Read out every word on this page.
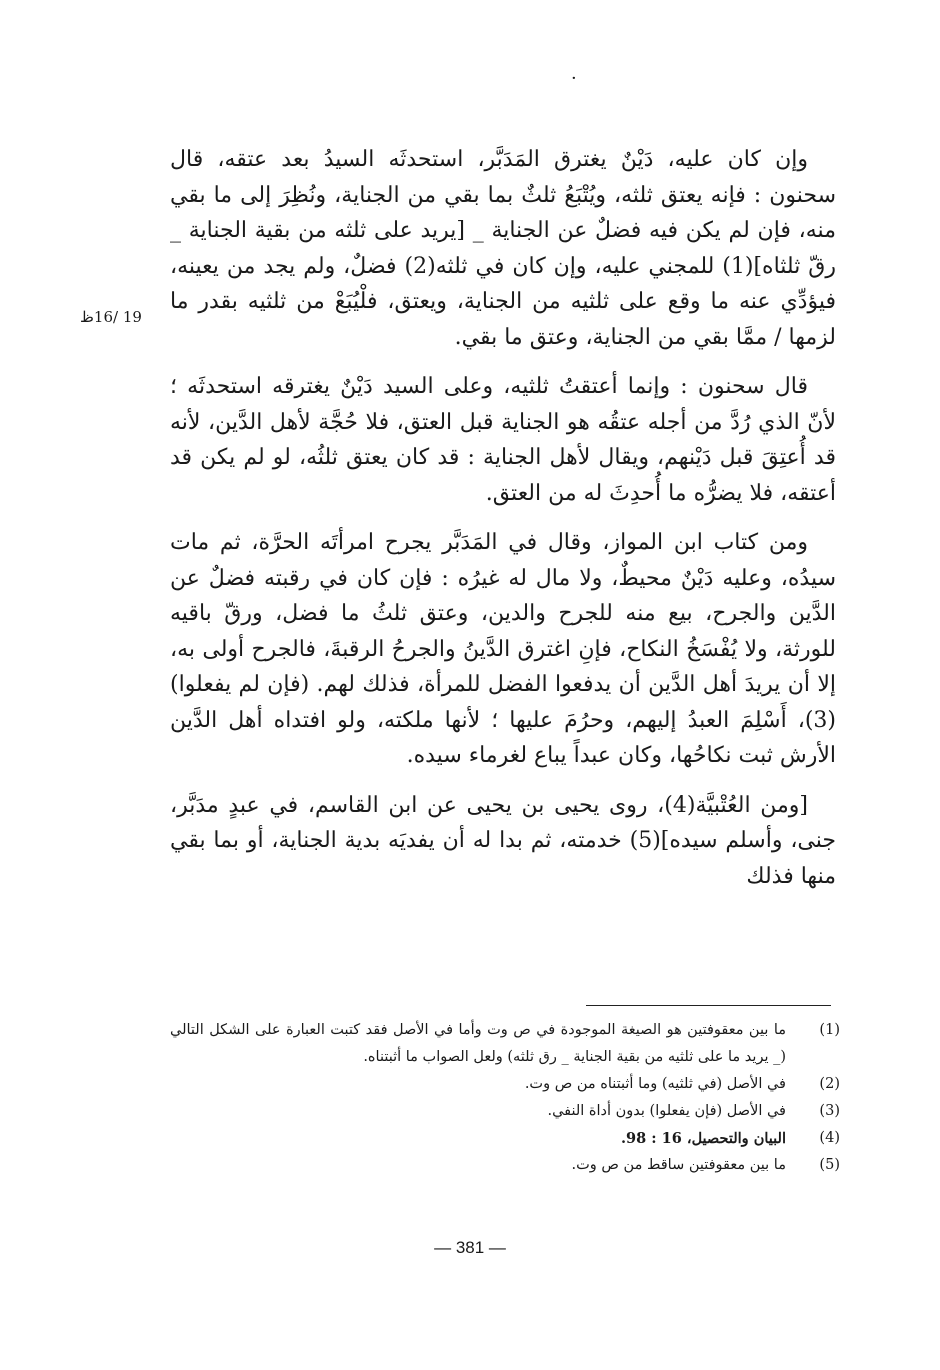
·
19 /16ظ

وإن كان عليه، دَيْنٌ يغترق المَدَبَّر، استحدثَه السيدُ بعد عتقه، قال سحنون : فإنه يعتق ثلثه، ويُتْبَعُ ثلثٌ بما بقي من الجناية، ونُظِرَ إلى ما بقي منه، فإن لم يكن فيه فضلٌ عن الجناية _ [يريد على ثلثه من بقية الجناية _ رقّ ثلثاه](1) للمجني عليه، وإن كان في ثلثه(2) فضلٌ، ولم يجد من يعينه، فيؤدِّي عنه ما وقع على ثلثيه من الجناية، ويعتق، فلْيُبَعْ من ثلثيه بقدر ما لزمها / ممَّا بقي من الجناية، وعتق ما بقي.

قال سحنون : وإنما أعتقتُ ثلثيه، وعلى السيد دَيْنٌ يغترقه استحدثَه ؛ لأنّ الذي رُدَّ من أجله عتقُه هو الجناية قبل العتق، فلا حُجَّة لأهل الدَّين، لأنه قد أُعتِقَ قبل دَيْنهم، ويقال لأهل الجناية : قد كان يعتق ثلثُه، لو لم يكن قد أعتقه، فلا يضرُّه ما أُحدِثَ له من العتق.

ومن كتاب ابن المواز، وقال في المَدَبَّر يجرح امرأتَه الحرَّة، ثم مات سيدُه، وعليه دَيْنٌ محيطٌ، ولا مال له غيرُه : فإن كان في رقبته فضلٌ عن الدَّين والجرح، بيع منه للجرح والدين، وعتق ثلثُ ما فضل، ورقّ باقيه للورثة، ولا يُفْسَخُ النكاح، فإنِ اغترق الدَّينُ والجرحُ الرقبةَ، فالجرح أولى به، إلا أن يريدَ أهل الدَّين أن يدفعوا الفضل للمرأة، فذلك لهم. (فإن لم يفعلوا)(3)، أَسْلِمَ العبدُ إليهم، وحرُمَ عليها ؛ لأنها ملكته، ولو افتداه أهل الدَّين الأرش ثبت نكاحُها، وكان عبداً يباع لغرماء سيده.

[ومن العُتْبيَّة(4)، روى يحيى بن يحيى عن ابن القاسم، في عبدٍ مدَبَّر، جنى، وأسلم سيده](5) خدمته، ثم بدا له أن يفديَه بدية الجناية، أو بما بقي منها فذلك

(1)
ما بين معقوفتين هو الصيغة الموجودة في ص وت وأما في الأصل فقد كتبت العبارة على الشكل التالي (_ يريد ما على ثلثيه من بقية الجناية _ رق ثلثه) ولعل الصواب ما أثبتناه.
(2)
في الأصل (في ثلثيه) وما أثبتناه من ص وت.
(3)
في الأصل (فإن يفعلوا) بدون أداة النفي.
(4)
البيان والتحصيل، 16 : 98.
(5)
ما بين معقوفتين ساقط من ص وت.
— 381 —
